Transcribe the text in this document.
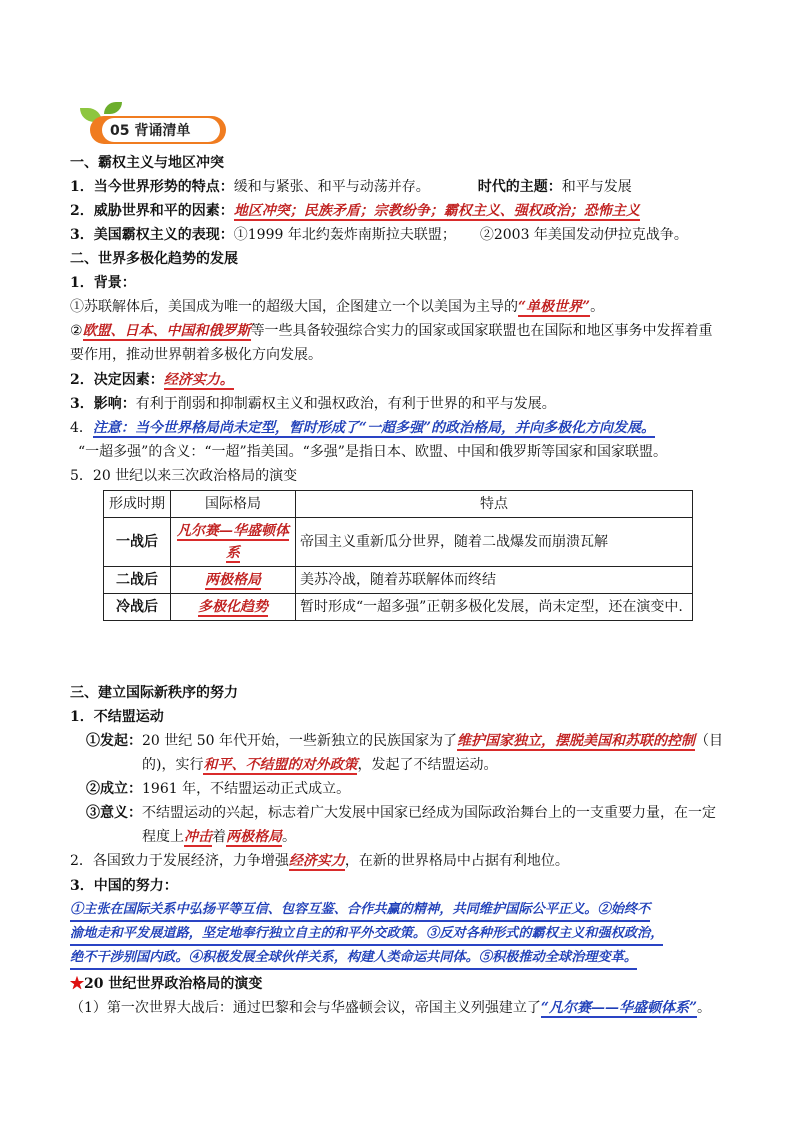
05 背诵清单
一、霸权主义与地区冲突
1．当今世界形势的特点：缓和与紧张、和平与动荡并存。	时代的主题：和平与发展
2．威胁世界和平的因素：地区冲突；民族矛盾；宗教纷争；霸权主义、强权政治；恐怖主义
3．美国霸权主义的表现：①1999 年北约轰炸南斯拉夫联盟； ②2003 年美国发动伊拉克战争。
二、世界多极化趋势的发展
1．背景：
①苏联解体后，美国成为唯一的超级大国，企图建立一个以美国为主导的“单极世界”。
②欧盟、日本、中国和俄罗斯等一些具备较强综合实力的国家或国家联盟也在国际和地区事务中发挥着重
要作用，推动世界朝着多极化方向发展。
2．决定因素：经济实力。
3．影响：有利于削弱和抑制霸权主义和强权政治，有利于世界的和平与发展。
4．注意：当今世界格局尚未定型，暂时形成了“一超多强”的政治格局，并向多极化方向发展。
“一超多强”的含义：“一超”指美国。“多强”是指日本、欧盟、中国和俄罗斯等国家和国家联盟。
5．20 世纪以来三次政治格局的演变
形成时期	国际格局	特点
一战后	凡尔赛—华盛顿体系	帝国主义重新瓜分世界，随着二战爆发而崩溃瓦解
二战后	两极格局	美苏冷战，随着苏联解体而终结
冷战后	多极化趋势	暂时形成“一超多强”正朝多极化发展，尚未定型，还在演变中.
三、建立国际新秩序的努力
1．不结盟运动
①发起：20 世纪 50 年代开始，一些新独立的民族国家为了维护国家独立，摆脱美国和苏联的控制（目
的)，实行和平、不结盟的对外政策，发起了不结盟运动。
②成立：1961 年，不结盟运动正式成立。
③意义：不结盟运动的兴起，标志着广大发展中国家已经成为国际政治舞台上的一支重要力量，在一定
程度上冲击着两极格局。
2．各国致力于发展经济，力争增强经济实力，在新的世界格局中占据有利地位。
3．中国的努力：
①主张在国际关系中弘扬平等互信、包容互鉴、合作共赢的精神，共同维护国际公平正义。②始终不
渝地走和平发展道路，坚定地奉行独立自主的和平外交政策。③反对各种形式的霸权主义和强权政治，
绝不干涉别国内政。④积极发展全球伙伴关系，构建人类命运共同体。⑤积极推动全球治理变革。
★20 世纪世界政治格局的演变
（1）第一次世界大战后：通过巴黎和会与华盛顿会议，帝国主义列强建立了“凡尔赛——华盛顿体系”。
